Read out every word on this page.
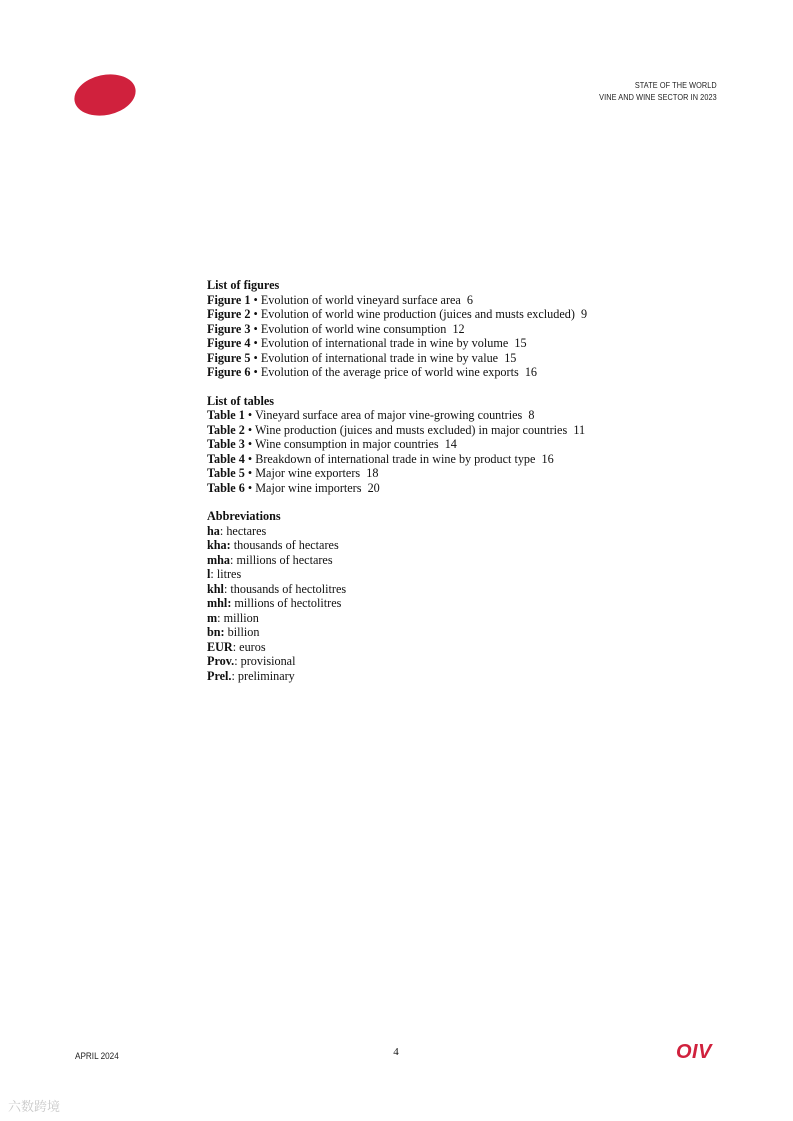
STATE OF THE WORLD
VINE AND WINE SECTOR IN 2023
List of figures
Figure 1 • Evolution of world vineyard surface area 6
Figure 2 • Evolution of world wine production (juices and musts excluded) 9
Figure 3 • Evolution of world wine consumption 12
Figure 4 • Evolution of international trade in wine by volume 15
Figure 5 • Evolution of international trade in wine by value 15
Figure 6 • Evolution of the average price of world wine exports 16
List of tables
Table 1 • Vineyard surface area of major vine-growing countries 8
Table 2 • Wine production (juices and musts excluded) in major countries 11
Table 3 • Wine consumption in major countries 14
Table 4 • Breakdown of international trade in wine by product type 16
Table 5 • Major wine exporters 18
Table 6 • Major wine importers 20
Abbreviations
ha: hectares
kha: thousands of hectares
mha: millions of hectares
l: litres
khl: thousands of hectolitres
mhl: millions of hectolitres
m: million
bn: billion
EUR: euros
Prov.: provisional
Prel.: preliminary
APRIL 2024	4	OIV
六数跨境
